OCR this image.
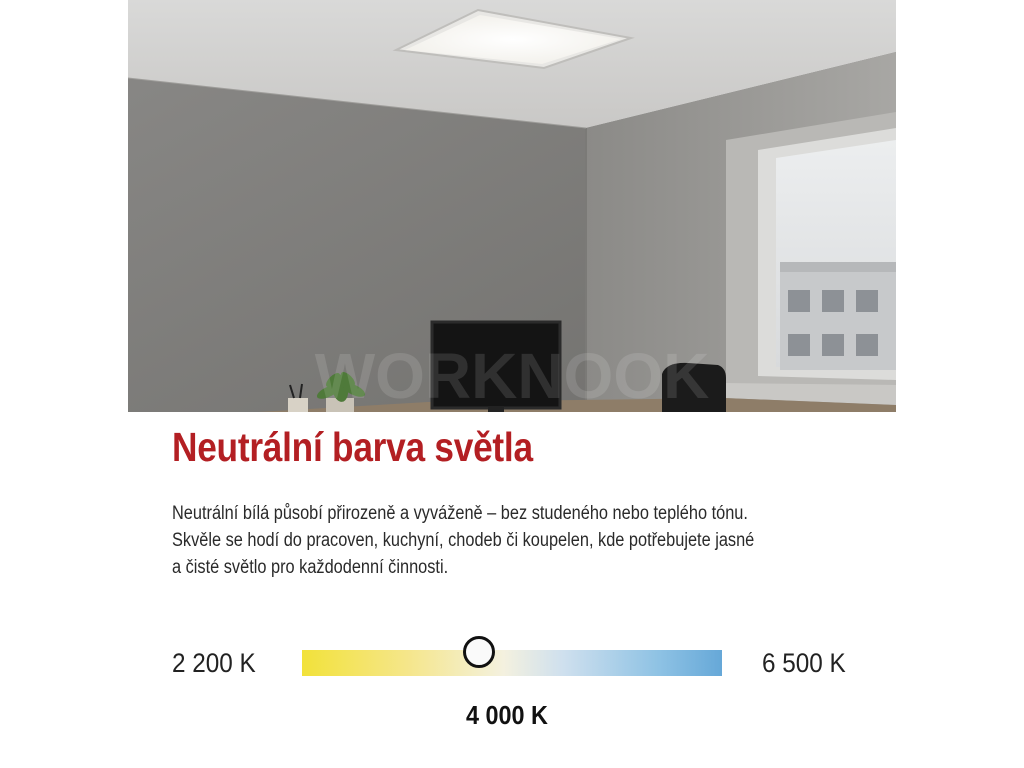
WORKNOOK
Neutrální barva světla
Neutrální bílá působí přirozeně a vyváženě – bez studeného nebo teplého tónu.
Skvěle se hodí do pracoven, kuchyní, chodeb či koupelen, kde potřebujete jasné
a čisté světlo pro každodenní činnosti.
2 200 K	6 500 K
4 000 K
